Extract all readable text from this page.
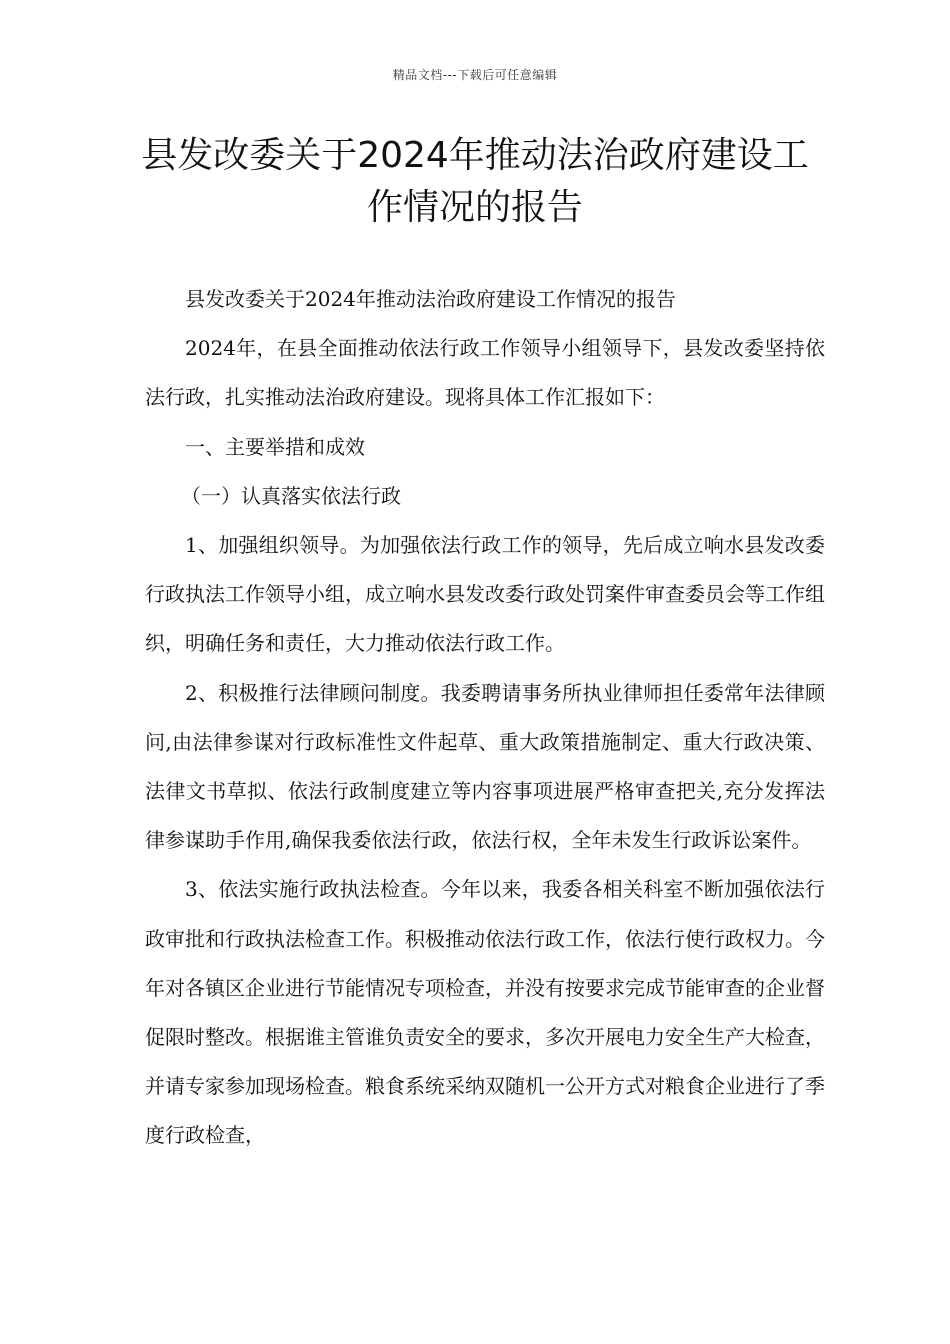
精品文档---下载后可任意编辑
县发改委关于2024年推动法治政府建设工作情况的报告

县发改委关于2024年推动法治政府建设工作情况的报告

2024年，在县全面推动依法行政工作领导小组领导下，县发改委坚持依法行政，扎实推动法治政府建设。现将具体工作汇报如下：

一、主要举措和成效

（一）认真落实依法行政

1、加强组织领导。为加强依法行政工作的领导，先后成立响水县发改委行政执法工作领导小组，成立响水县发改委行政处罚案件审查委员会等工作组织，明确任务和责任，大力推动依法行政工作。

2、积极推行法律顾问制度。我委聘请事务所执业律师担任委常年法律顾问,由法律参谋对行政标准性文件起草、重大政策措施制定、重大行政决策、法律文书草拟、依法行政制度建立等内容事项进展严格审查把关,充分发挥法律参谋助手作用,确保我委依法行政，依法行权，全年未发生行政诉讼案件。

3、依法实施行政执法检查。今年以来，我委各相关科室不断加强依法行政审批和行政执法检查工作。积极推动依法行政工作，依法行使行政权力。今年对各镇区企业进行节能情况专项检查，并没有按要求完成节能审查的企业督促限时整改。根据谁主管谁负责安全的要求，多次开展电力安全生产大检查，并请专家参加现场检查。粮食系统采纳双随机一公开方式对粮食企业进行了季度行政检查，
